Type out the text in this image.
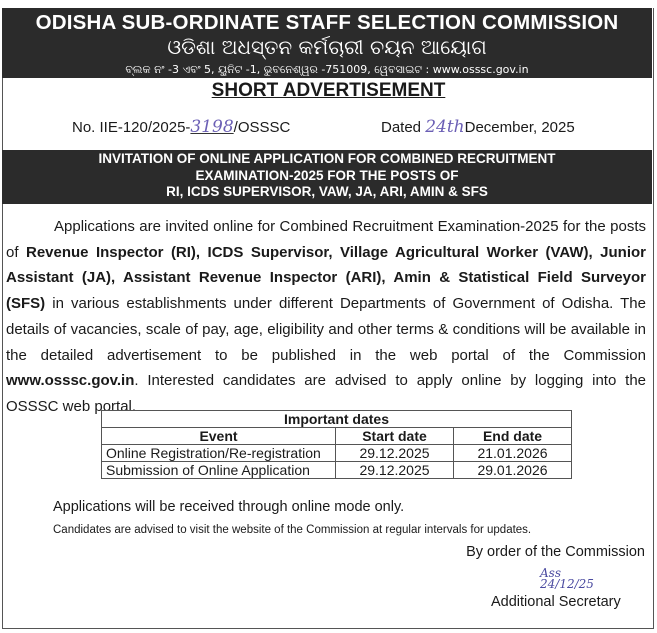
ODISHA SUB-ORDINATE STAFF SELECTION COMMISSION
ଓଡିଶା ଅଧସ୍ତନ କର୍ମଚାରୀ ଚୟନ ଆୟୋଗ
ବ୍ଲକ ନଂ -3 ଏବଂ 5, ୟୁନିଟ -1, ଭୁବନେଶ୍ୱର -751009, ୱେବସାଇଟ : www.osssc.gov.in
SHORT ADVERTISEMENT
No. IIE-120/2025-3198/OSSSC	Dated 24thDecember, 2025
INVITATION OF ONLINE APPLICATION FOR COMBINED RECRUITMENT
EXAMINATION-2025 FOR THE POSTS OF
RI, ICDS SUPERVISOR, VAW, JA, ARI, AMIN & SFS
Applications are invited online for Combined Recruitment Examination-2025 for the posts of Revenue Inspector (RI), ICDS Supervisor, Village Agricultural Worker (VAW), Junior Assistant (JA), Assistant Revenue Inspector (ARI), Amin & Statistical Field Surveyor (SFS) in various establishments under different Departments of Government of Odisha. The details of vacancies, scale of pay, age, eligibility and other terms & conditions will be available in the detailed advertisement to be published in the web portal of the Commission www.osssc.gov.in. Interested candidates are advised to apply online by logging into the OSSSC web portal.
Important dates		
Event	Start date	End date
Online Registration/Re-registration	29.12.2025	21.01.2026
Submission of Online Application	29.12.2025	29.01.2026
Applications will be received through online mode only.
Candidates are advised to visit the website of the Commission at regular intervals for updates.
By order of the Commission
Ass
24/12/25
Additional Secretary
